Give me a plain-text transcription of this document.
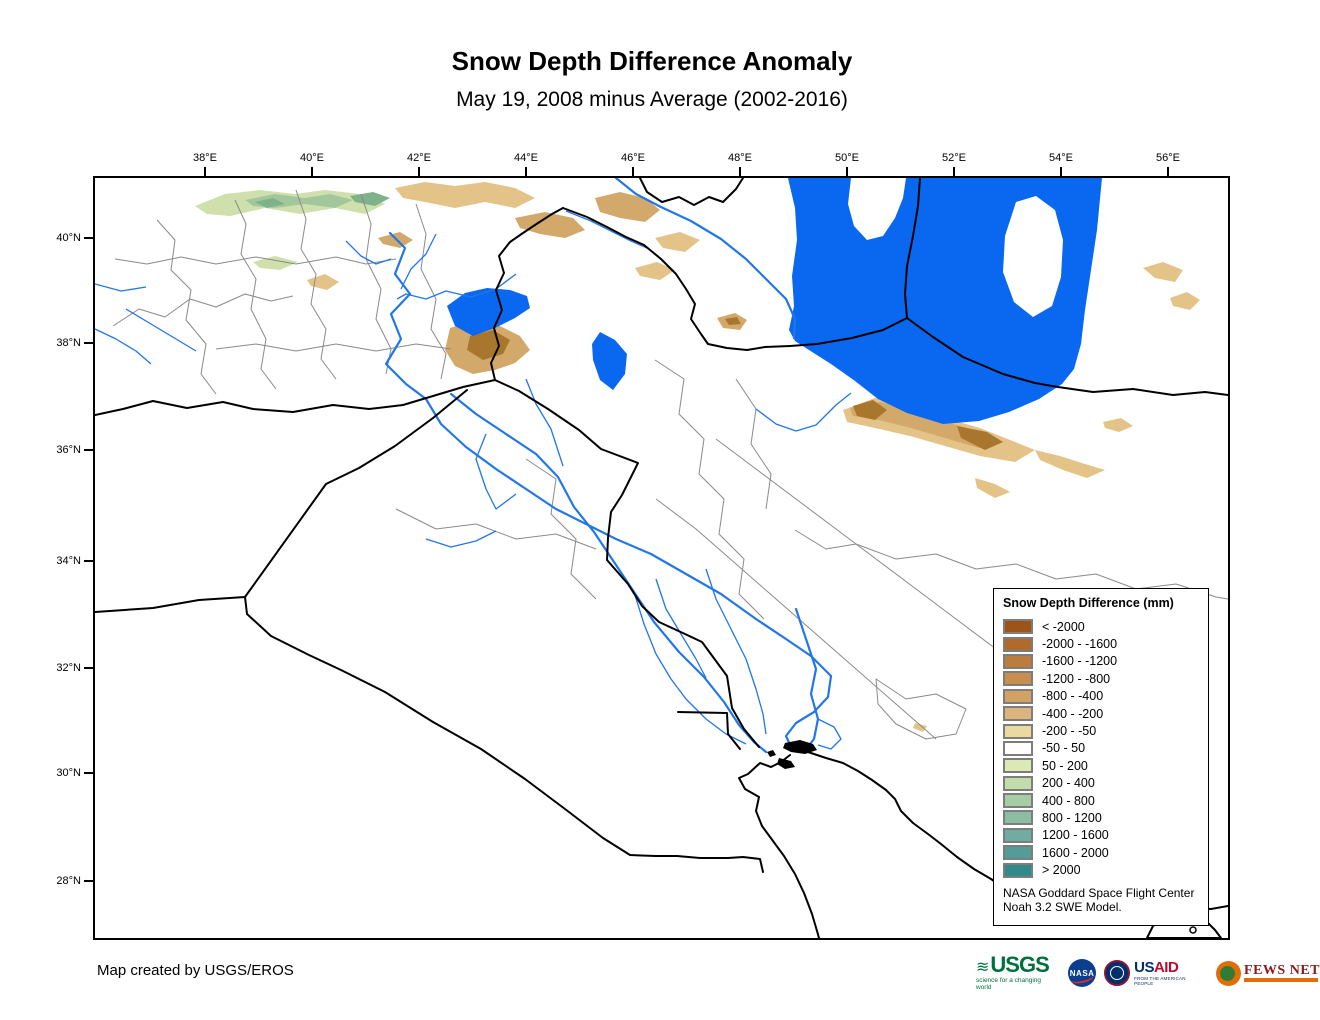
Snow Depth Difference Anomaly
May 19, 2008 minus Average (2002-2016)
38°E	40°E	42°E	44°E	46°E	48°E	50°E	52°E	54°E	56°E
40°N
38°N
36°N
34°N
32°N
30°N
28°N
Snow Depth Difference (mm)
< -2000
-2000 - -1600
-1600 - -1200
-1200 - -800
-800 - -400
-400 - -200
-200 - -50
-50 - 50
50 - 200
200 - 400
400 - 800
800 - 1200
1200 - 1600
1600 - 2000
> 2000
NASA Goddard Space Flight Center
Noah 3.2 SWE Model.
Map created by USGS/EROS	≋USGS
science for a changing world
NASA	USAID
FROM THE AMERICAN PEOPLE
FEWS NET
